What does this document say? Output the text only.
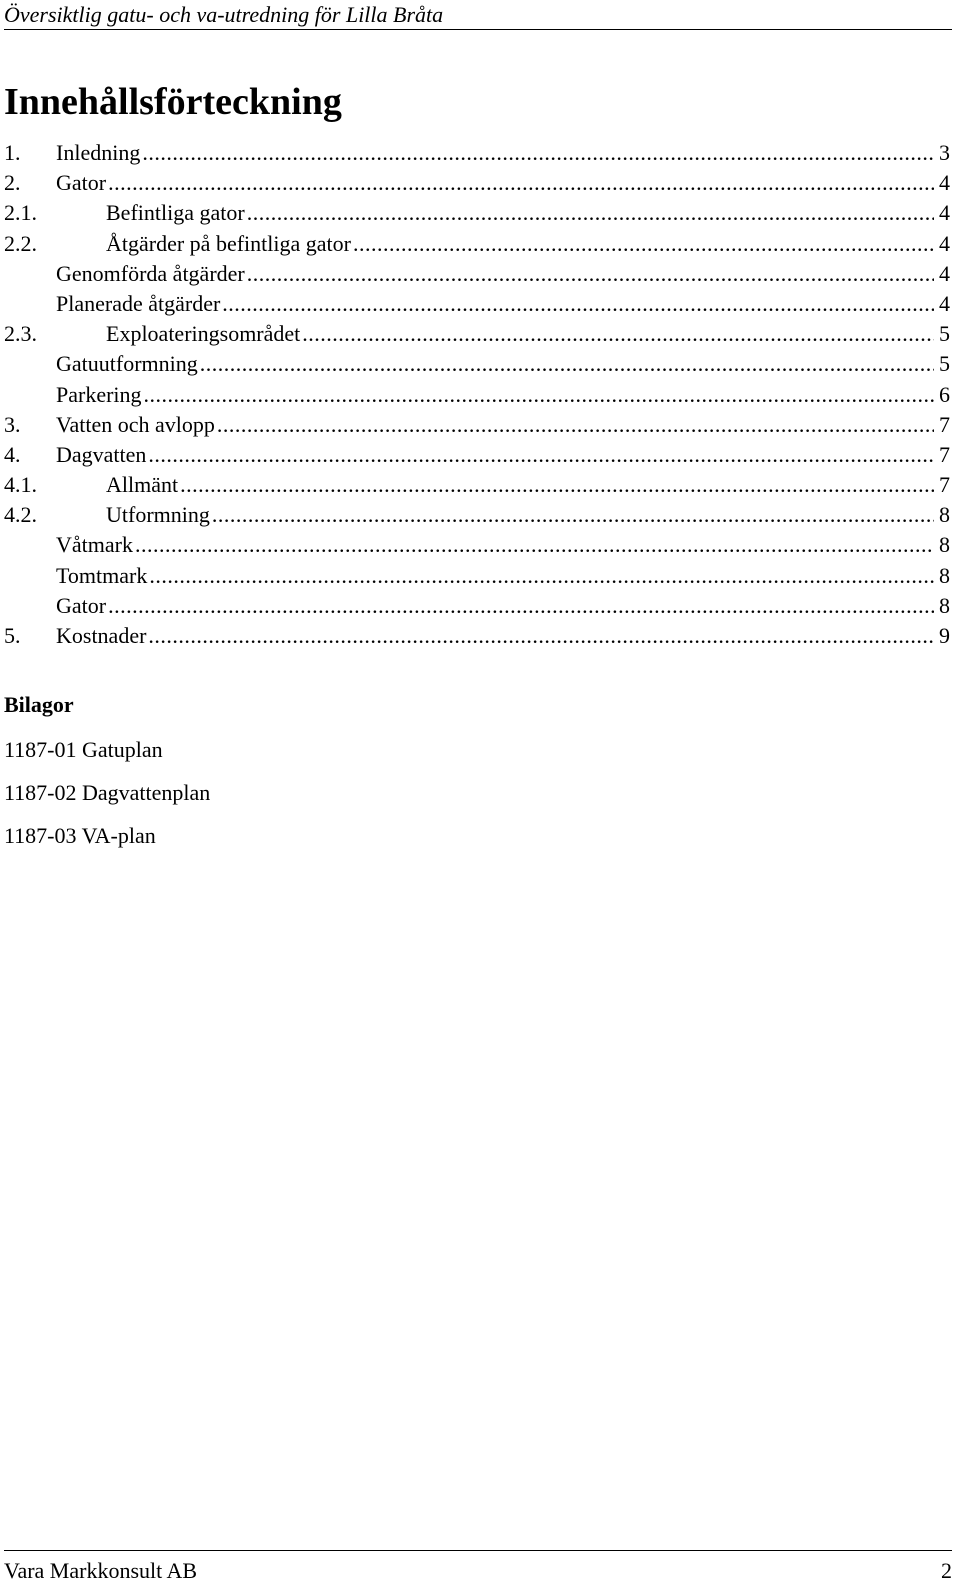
Översiktlig gatu- och va-utredning för Lilla Bråta
Innehållsförteckning
1.	Inledning .....	3
2.	Gator .....	4
2.1.	Befintliga gator .....	4
2.2.	Åtgärder på befintliga gator .....	4
Genomförda åtgärder .....	4
Planerade åtgärder .....	4
2.3.	Exploateringsområdet .....	5
Gatuutformning .....	5
Parkering .....	6
3.	Vatten och avlopp .....	7
4.	Dagvatten .....	7
4.1.	Allmänt .....	7
4.2.	Utformning .....	8
Våtmark .....	8
Tomtmark .....	8
Gator .....	8
5.	Kostnader .....	9
Bilagor
1187-01 Gatuplan
1187-02 Dagvattenplan
1187-03 VA-plan
Vara Markkonsult AB	2
